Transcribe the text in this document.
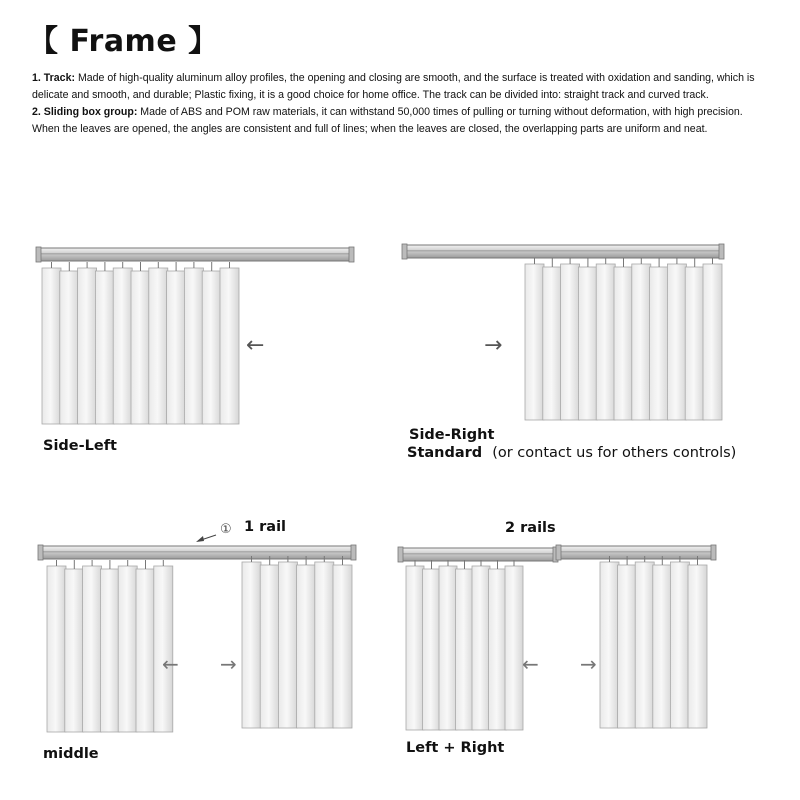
【 Frame 】

1. Track: Made of high-quality aluminum alloy profiles, the opening and closing are smooth, and the surface is treated with oxidation and sanding, which is delicate and smooth, and durable; Plastic fixing, it is a good choice for home office. The track can be divided into: straight track and curved track.

2. Sliding box group: Made of ABS and POM raw materials, it can withstand 50,000 times of pulling or turning without deformation, with high precision. When the leaves are opened, the angles are consistent and full of lines; when the leaves are closed, the overlapping parts are uniform and neat.

←	→
← →	← →
Side-Left
Side-Right
Standard (or contact us for others controls)
① 1 rail	2 rails
middle	Left + Right
